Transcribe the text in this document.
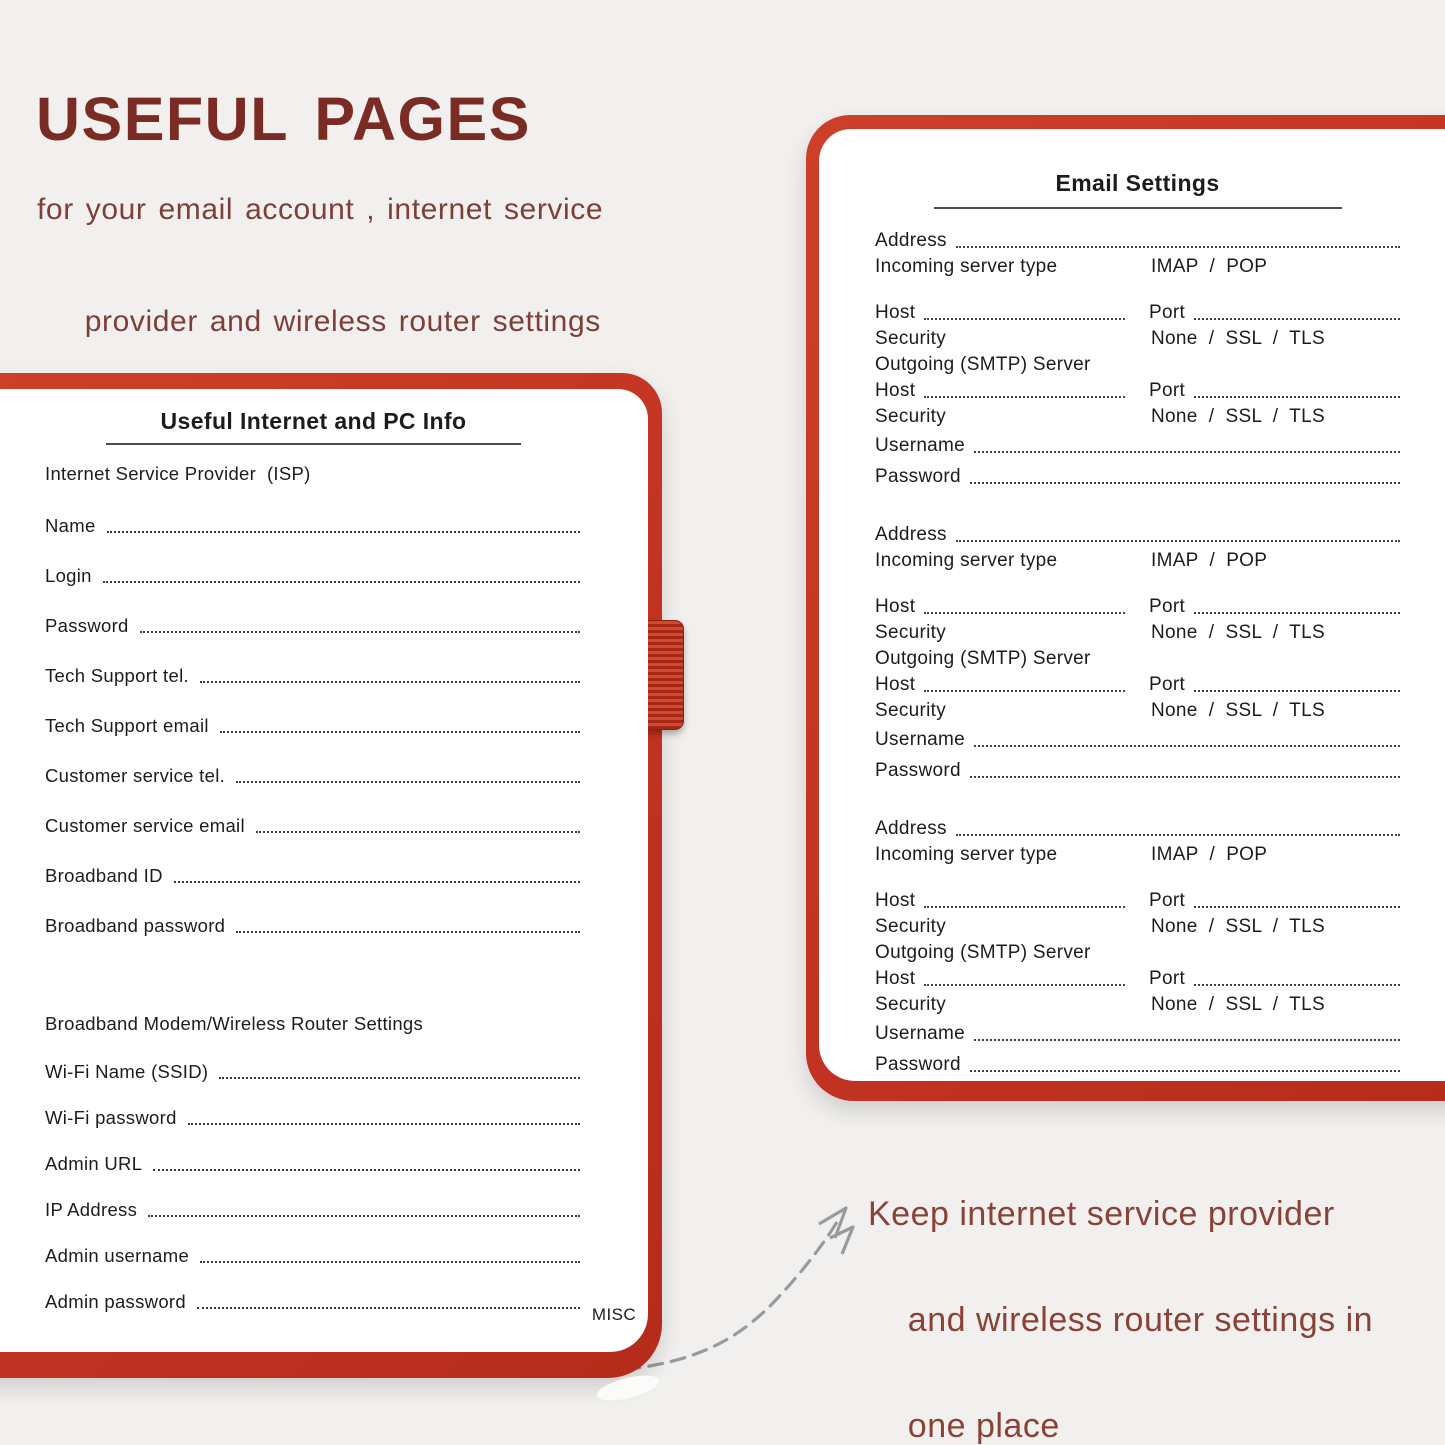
USEFUL PAGES
for your email account , internet service

provider and wireless router settings
Useful Internet and PC Info
Internet Service Provider  (ISP)
Name
Login
Password
Tech Support tel.
Tech Support email
Customer service tel.
Customer service email
Broadband ID
Broadband password
Broadband Modem/Wireless Router Settings
Wi-Fi Name (SSID)
Wi-Fi password
Admin URL
IP Address
Admin username
Admin password
MISC
Email Settings
Address
Incoming server type	IMAP  /  POP
Host	Port
Security	None  /  SSL  /  TLS
Outgoing (SMTP) Server
Host	Port
Security	None  /  SSL  /  TLS
Username
Password
Address
Incoming server type	IMAP  /  POP
Host	Port
Security	None  /  SSL  /  TLS
Outgoing (SMTP) Server
Host	Port
Security	None  /  SSL  /  TLS
Username
Password
Address
Incoming server type	IMAP  /  POP
Host	Port
Security	None  /  SSL  /  TLS
Outgoing (SMTP) Server
Host	Port
Security	None  /  SSL  /  TLS
Username
Password
Keep internet service provider

and wireless router settings in

one place
